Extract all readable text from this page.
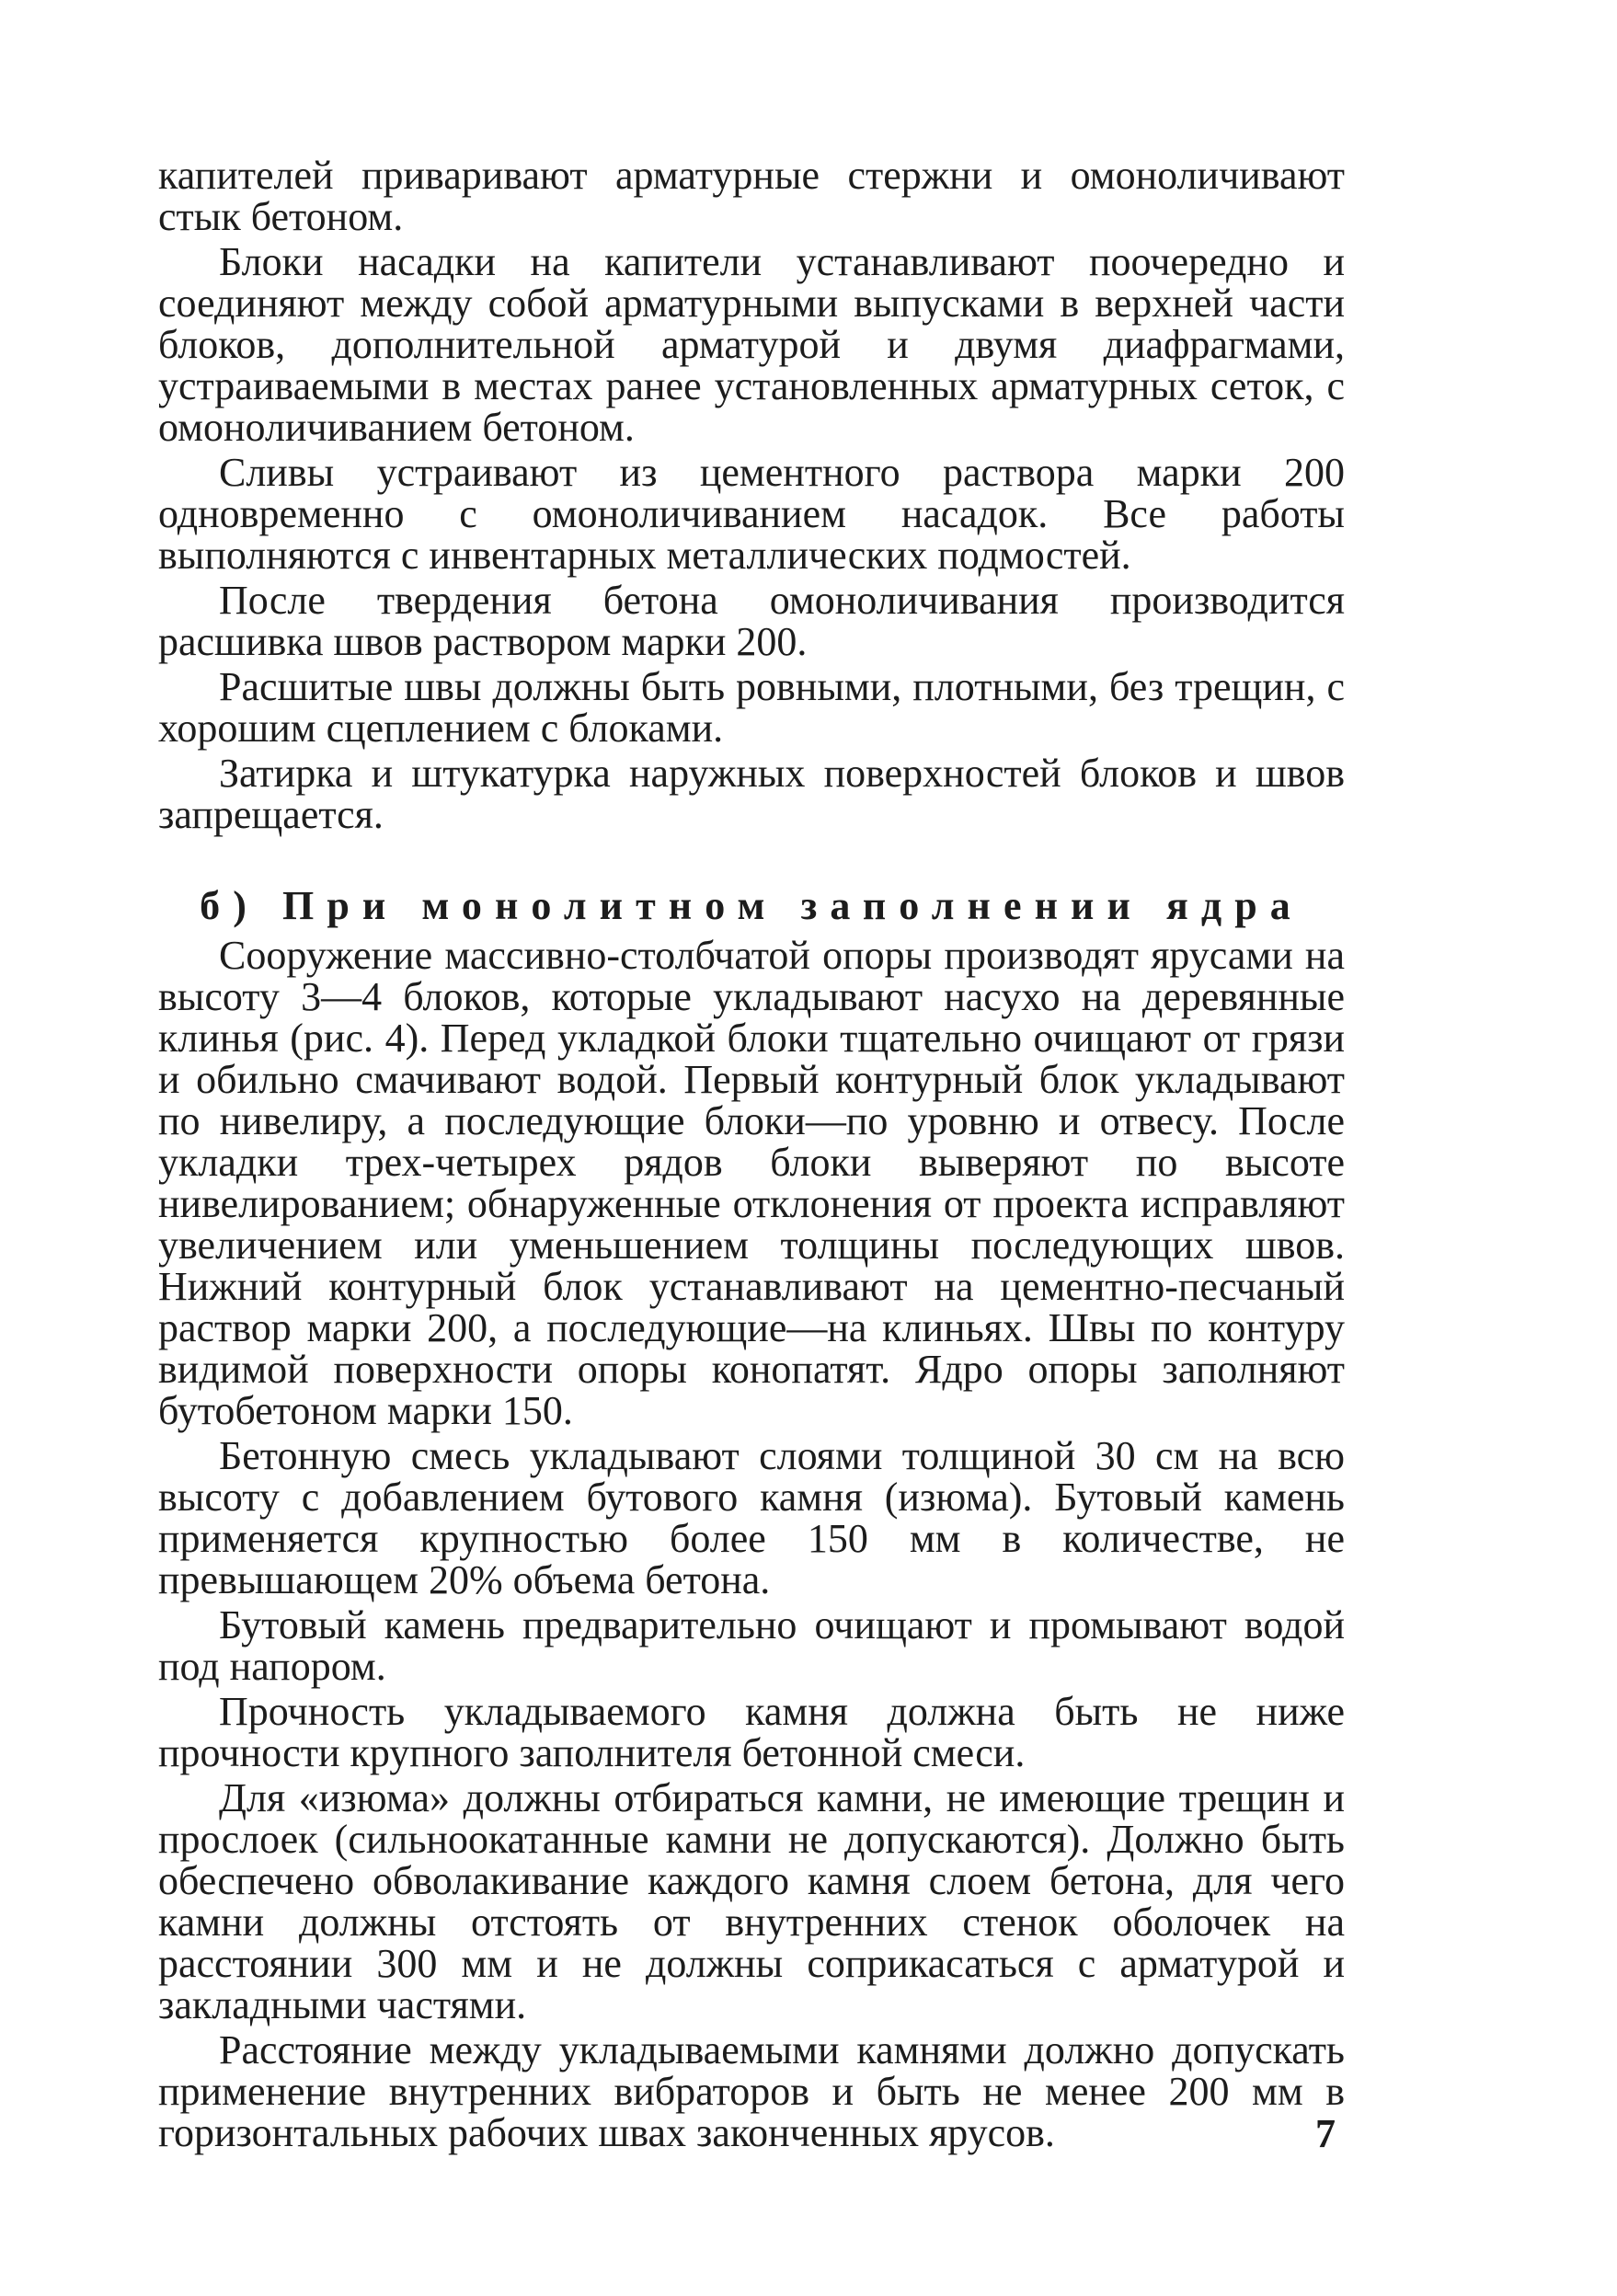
капителей приваривают арматурные стержни и омоноличивают стык бетоном.

Блоки насадки на капители устанавливают поочередно и соединяют между собой арматурными выпусками в верхней части блоков, дополнительной арматурой и двумя диафрагмами, устраиваемыми в местах ранее установленных арматурных сеток, с омоноличиванием бетоном.

Сливы устраивают из цементного раствора марки 200 одновременно с омоноличиванием насадок. Все работы выполняются с инвентарных металлических подмостей.

После твердения бетона омоноличивания производится расшивка швов раствором марки 200.

Расшитые швы должны быть ровными, плотными, без трещин, с хорошим сцеплением с блоками.

Затирка и штукатурка наружных поверхностей блоков и швов запрещается.

б) При монолитном заполнении ядра

Сооружение массивно-столбчатой опоры производят ярусами на высоту 3—4 блоков, которые укладывают насухо на деревянные клинья (рис. 4). Перед укладкой блоки тщательно очищают от грязи и обильно смачивают водой. Первый контурный блок укладывают по нивелиру, а последующие блоки—по уровню и отвесу. После укладки трех-четырех рядов блоки выверяют по высоте нивелированием; обнаруженные отклонения от проекта исправляют увеличением или уменьшением толщины последующих швов. Нижний контурный блок устанавливают на цементно-песчаный раствор марки 200, а последующие—на клиньях. Швы по контуру видимой поверхности опоры конопатят. Ядро опоры заполняют бутобетоном марки 150.

Бетонную смесь укладывают слоями толщиной 30 см на всю высоту с добавлением бутового камня (изюма). Бутовый камень применяется крупностью более 150 мм в количестве, не превышающем 20% объема бетона.

Бутовый камень предварительно очищают и промывают водой под напором.

Прочность укладываемого камня должна быть не ниже прочности крупного заполнителя бетонной смеси.

Для «изюма» должны отбираться камни, не имеющие трещин и прослоек (сильноокатанные камни не допускаются). Должно быть обеспечено обволакивание каждого камня слоем бетона, для чего камни должны отстоять от внутренних стенок оболочек на расстоянии 300 мм и не должны соприкасаться с арматурой и закладными частями.

Расстояние между укладываемыми камнями должно допускать применение внутренних вибраторов и быть не менее 200 мм в горизонтальных рабочих швах законченных ярусов.	7
